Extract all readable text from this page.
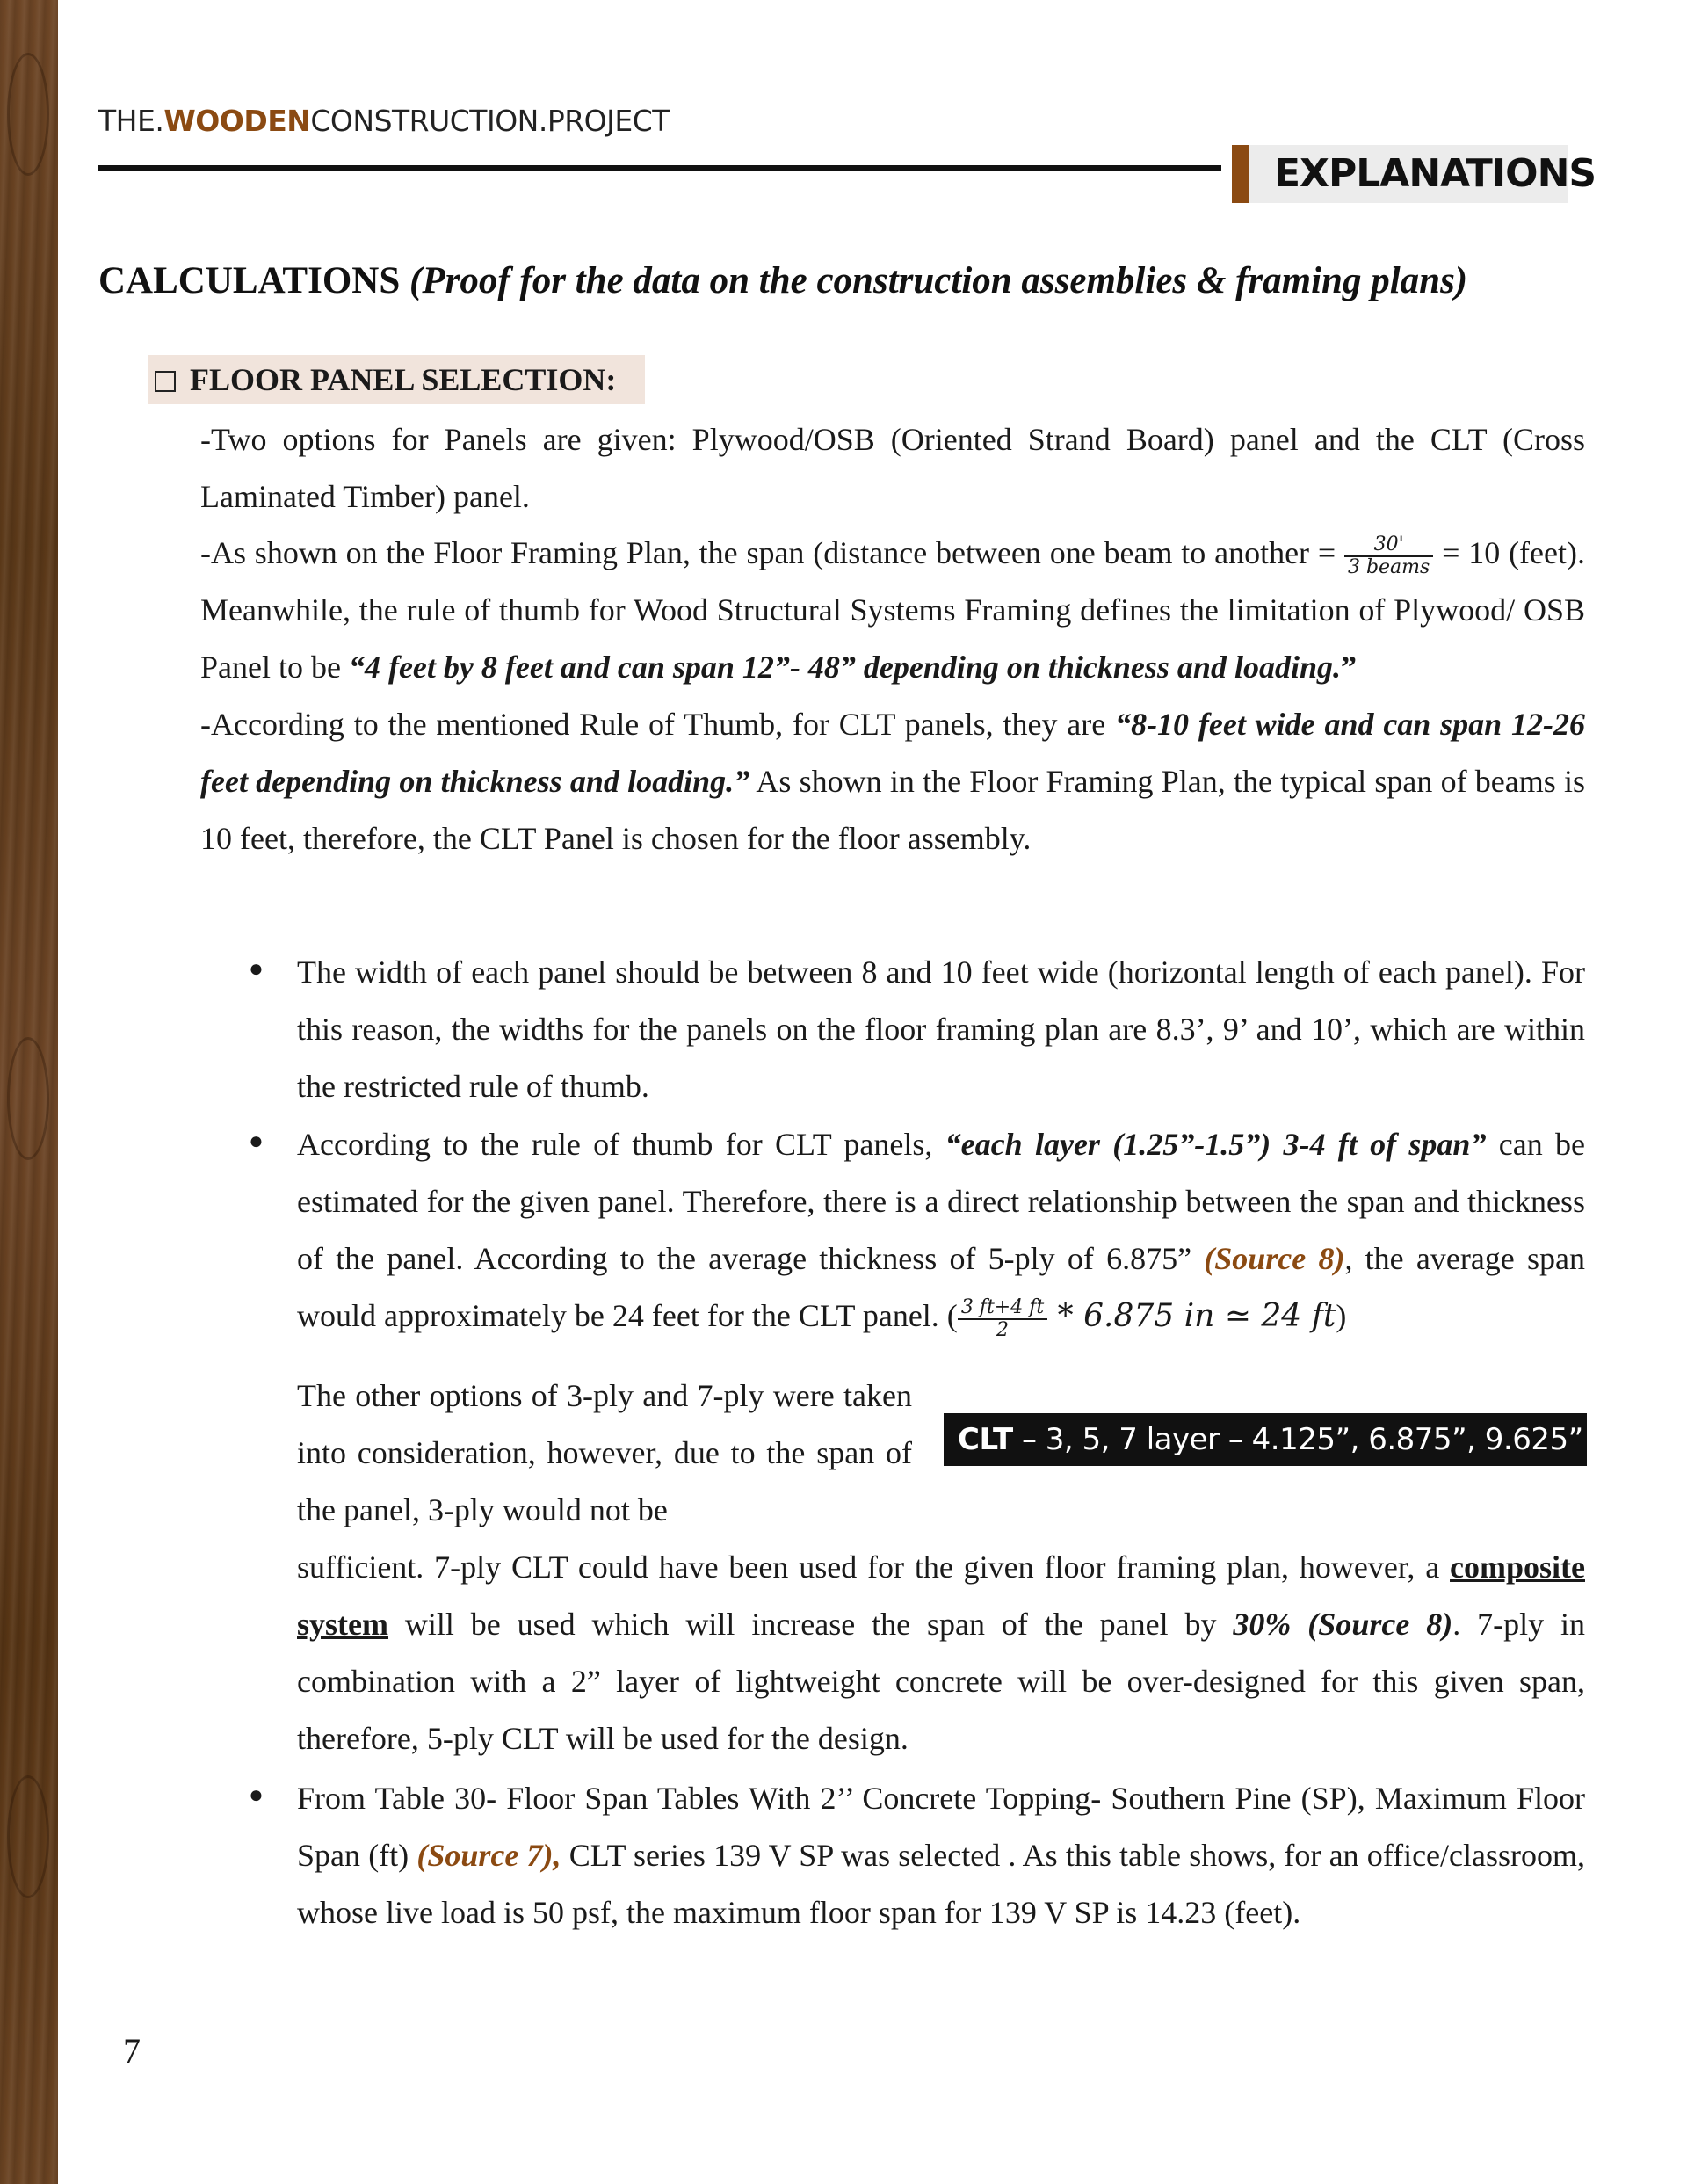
THE.WOODENCONSTRUCTION.PROJECT
EXPLANATIONS
CALCULATIONS (Proof for the data on the construction assemblies & framing plans)
FLOOR PANEL SELECTION:

-Two options for Panels are given: Plywood/OSB (Oriented Strand Board) panel and the CLT (Cross Laminated Timber) panel.

-As shown on the Floor Framing Plan, the span (distance between one beam to another = $\frac{30'}{\text{3 beams}} = 10$ (feet). Meanwhile, the rule of thumb for Wood Structural Systems Framing defines the limitation of Plywood/ OSB Panel to be “4 feet by 8 feet and can span 12”- 48” depending on thickness and loading.”

-According to the mentioned Rule of Thumb, for CLT panels, they are “8-10 feet wide and can span 12-26 feet depending on thickness and loading.” As shown in the Floor Framing Plan, the typical span of beams is 10 feet, therefore, the CLT Panel is chosen for the floor assembly.

● The width of each panel should be between 8 and 10 feet wide (horizontal length of each panel). For this reason, the widths for the panels on the floor framing plan are 8.3’, 9’ and 10’, which are within the restricted rule of thumb.

● According to the rule of thumb for CLT panels, “each layer (1.25”-1.5”) 3-4 ft of span” can be estimated for the given panel. Therefore, there is a direct relationship between the span and thickness of the panel. According to the average thickness of 5-ply of 6.875” (Source 8), the average span would approximately be 24 feet for the CLT panel. ( $\frac{3 ft+4 ft}{2} * 6.875$ in ≃ 24 ft)

The other options of 3-ply and 7-ply were taken into consideration, however, due to the span of the panel, 3-ply would not be

CLT – 3, 5, 7 layer – 4.125”, 6.875”, 9.625”

sufficient. 7-ply CLT could have been used for the given floor framing plan, however, a composite system will be used which will increase the span of the panel by 30% (Source 8). 7-ply in combination with a 2” layer of lightweight concrete will be over-designed for this given span, therefore, 5-ply CLT will be used for the design.

● From Table 30- Floor Span Tables With 2’’ Concrete Topping- Southern Pine (SP), Maximum Floor Span (ft) (Source 7), CLT series 139 V SP was selected . As this table shows, for an office/classroom, whose live load is 50 psf, the maximum floor span for 139 V SP is 14.23 (feet).

7
